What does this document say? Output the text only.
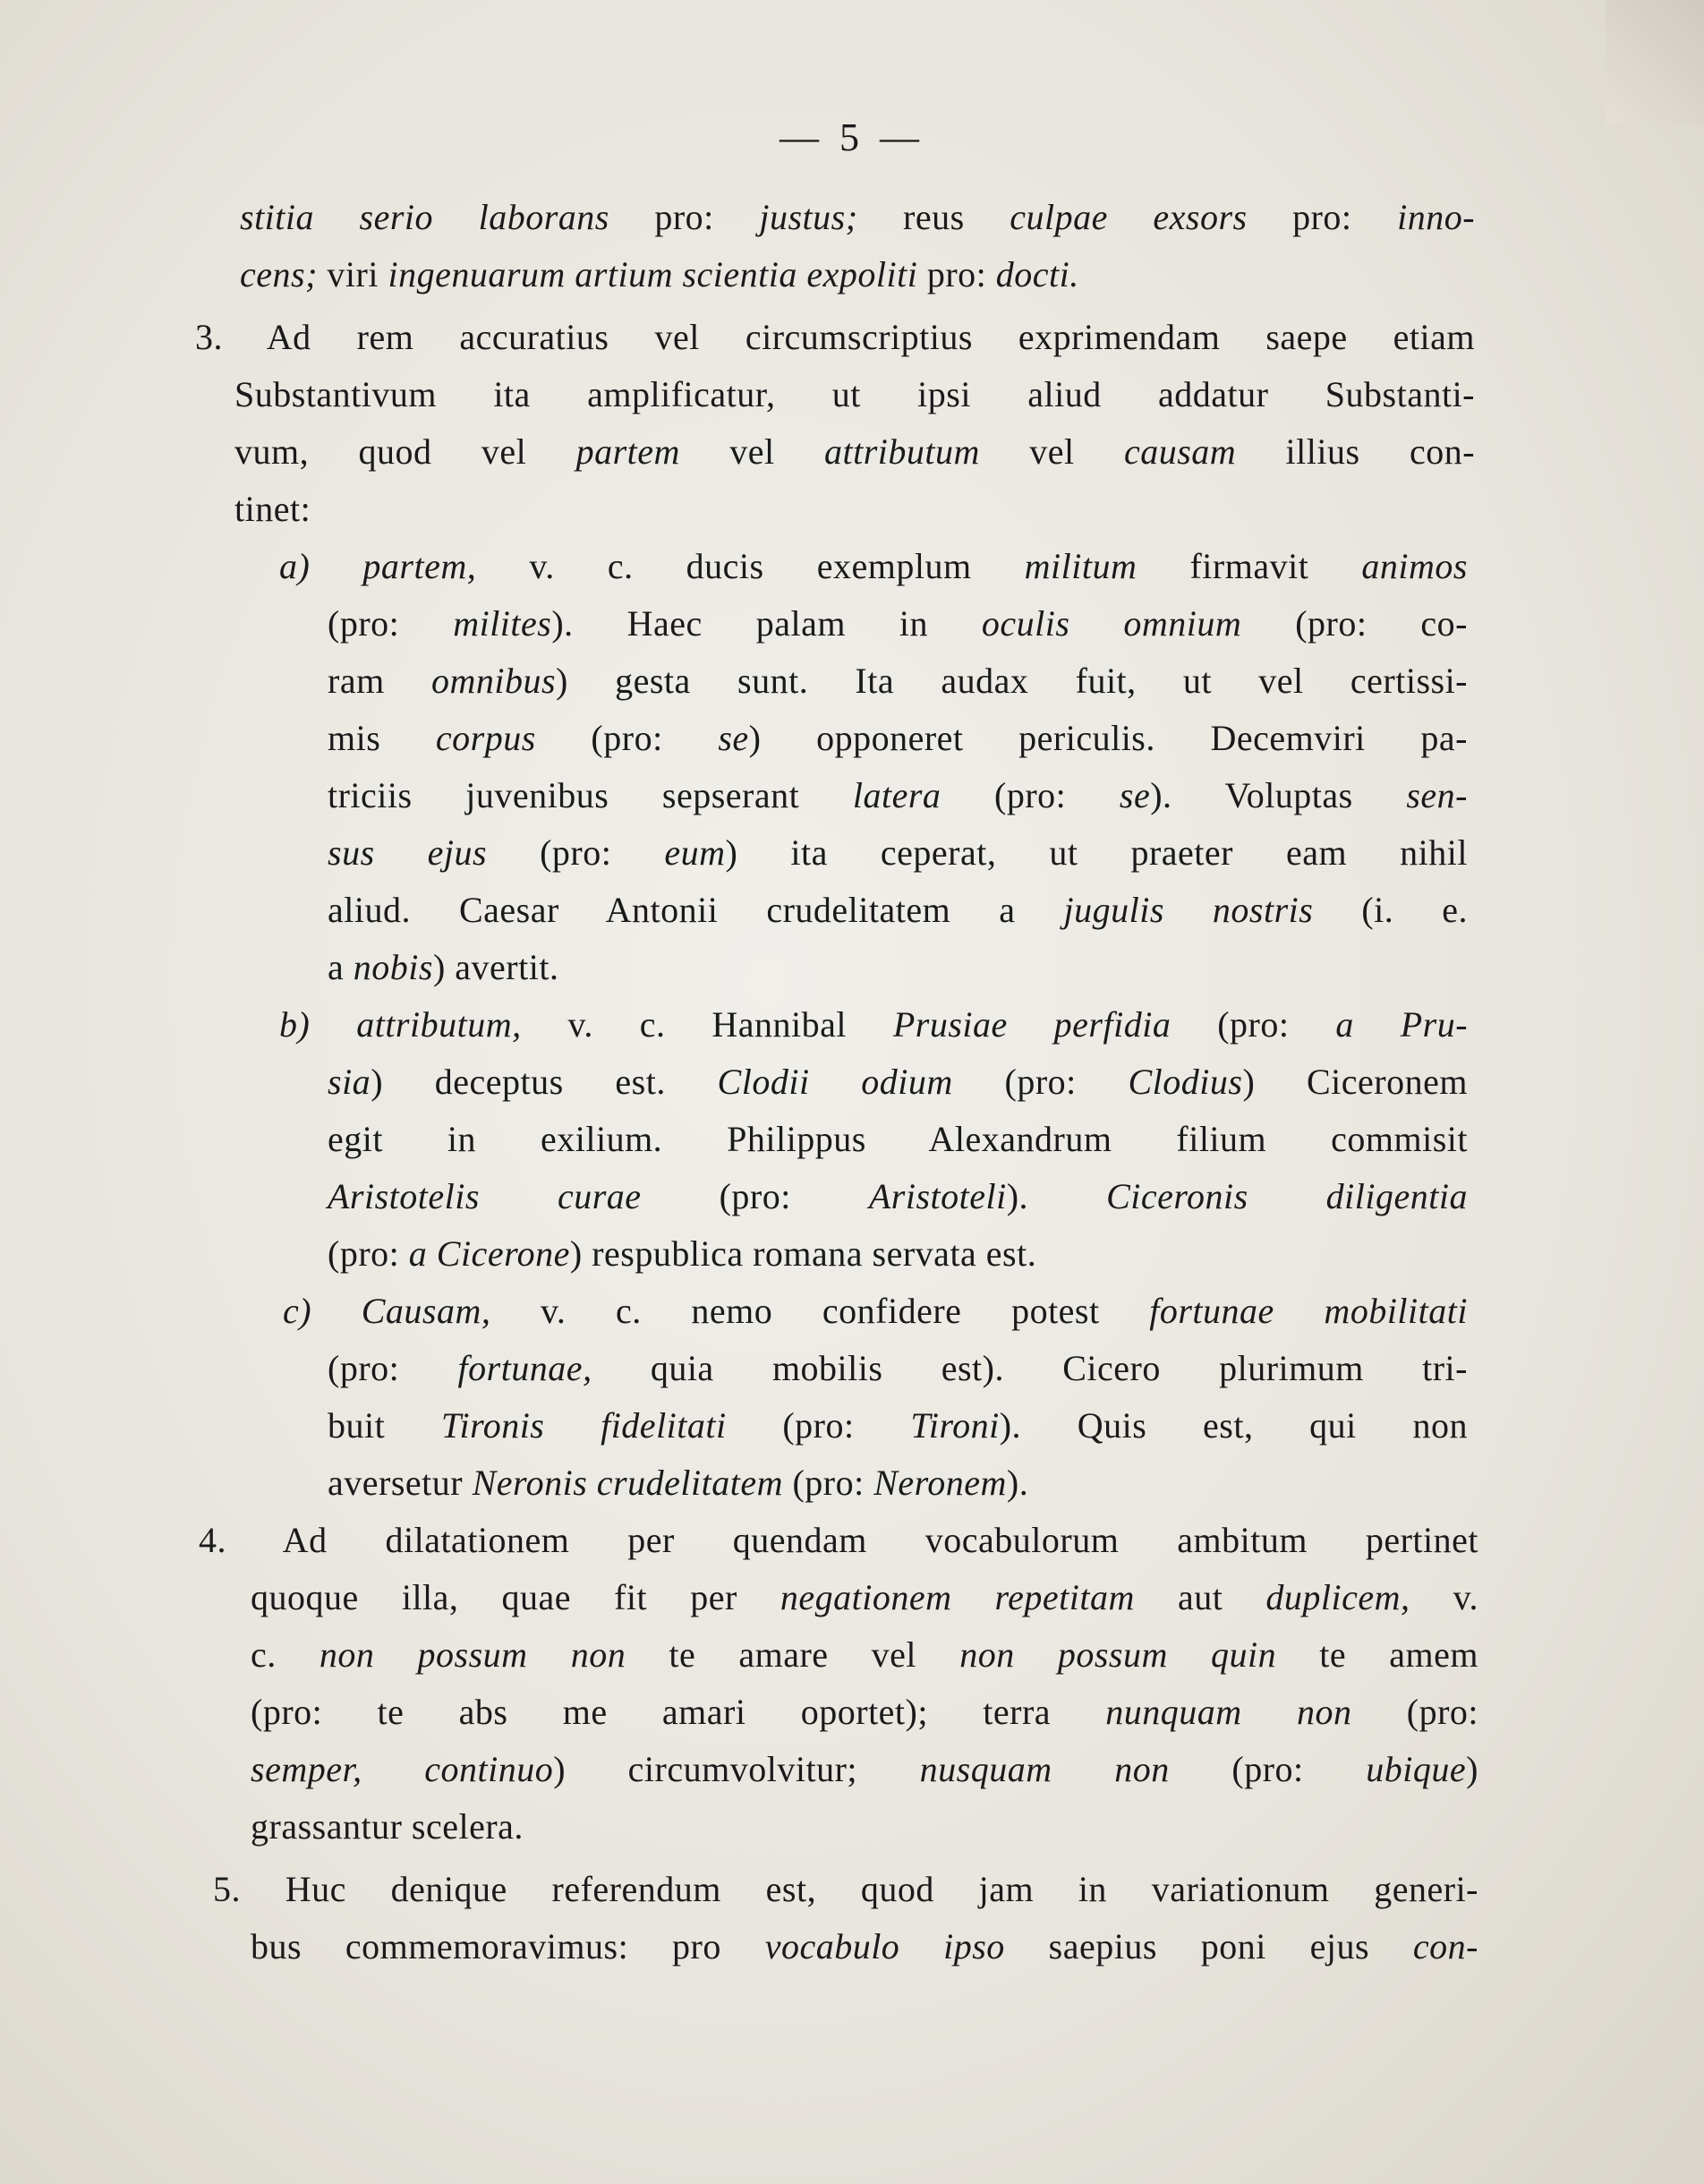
— 5 —
stitia serio laborans pro: justus; reus culpae exsors pro: inno-
cens; viri ingenuarum artium scientia expoliti pro: docti.
3. Ad rem accuratius vel circumscriptius exprimendam saepe etiam
Substantivum ita amplificatur, ut ipsi aliud addatur Substanti-
vum, quod vel partem vel attributum vel causam illius con-
tinet:
a) partem, v. c. ducis exemplum militum firmavit animos
(pro: milites). Haec palam in oculis omnium (pro: co-
ram omnibus) gesta sunt. Ita audax fuit, ut vel certissi-
mis corpus (pro: se) opponeret periculis. Decemviri pa-
triciis juvenibus sepserant latera (pro: se). Voluptas sen-
sus ejus (pro: eum) ita ceperat, ut praeter eam nihil
aliud. Caesar Antonii crudelitatem a jugulis nostris (i. e.
a nobis) avertit.
b) attributum, v. c. Hannibal Prusiae perfidia (pro: a Pru-
sia) deceptus est. Clodii odium (pro: Clodius) Ciceronem
egit in exilium. Philippus Alexandrum filium commisit
Aristotelis curae (pro: Aristoteli). Ciceronis diligentia
(pro: a Cicerone) respublica romana servata est.
c) Causam, v. c. nemo confidere potest fortunae mobilitati
(pro: fortunae, quia mobilis est). Cicero plurimum tri-
buit Tironis fidelitati (pro: Tironi). Quis est, qui non
aversetur Neronis crudelitatem (pro: Neronem).
4. Ad dilatationem per quendam vocabulorum ambitum pertinet
quoque illa, quae fit per negationem repetitam aut duplicem, v.
c. non possum non te amare vel non possum quin te amem
(pro: te abs me amari oportet); terra nunquam non (pro:
semper, continuo) circumvolvitur; nusquam non (pro: ubique)
grassantur scelera.
5. Huc denique referendum est, quod jam in variationum generi-
bus commemoravimus: pro vocabulo ipso saepius poni ejus con-
